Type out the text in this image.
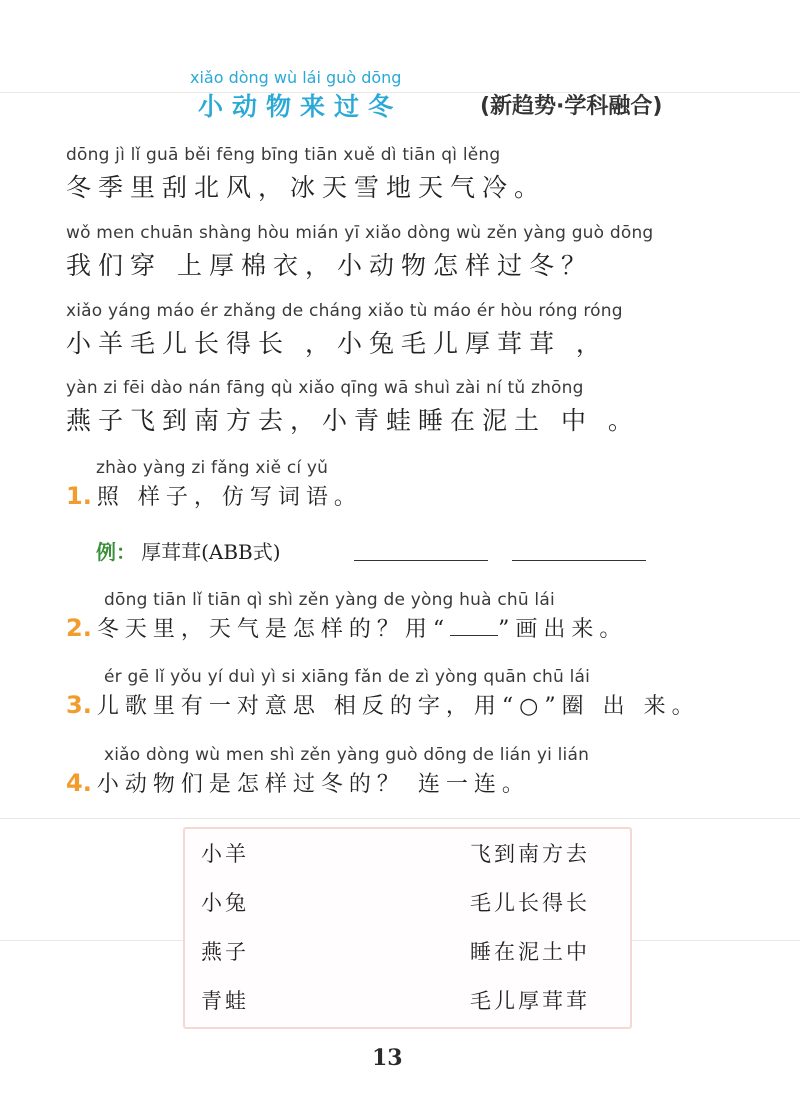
xiǎo dòng wù lái guò dōng
小动物来过冬	(新趋势·学科融合)
dōng jì lǐ guā běi fēng bīng tiān xuě dì tiān qì lěng
冬季里刮北风，冰天雪地天气冷。
wǒ men chuān shàng hòu mián yī xiǎo dòng wù zěn yàng guò dōng
我们穿 上厚棉衣，小动物怎样过冬？
xiǎo yáng máo ér zhǎng de cháng xiǎo tù máo ér hòu róng róng
小羊毛儿长得长 ，小兔毛儿厚茸茸 ，
yàn zi fēi dào nán fāng qù xiǎo qīng wā shuì zài ní tǔ zhōng
燕子飞到南方去，小青蛙睡在泥土 中 。
zhào yàng zi fǎng xiě cí yǔ
1. 照 样子，仿写词语。
例： 厚茸茸(ABB式)
dōng tiān lǐ tiān qì shì zěn yàng de yòng huà chū lái
2. 冬天里，天气是怎样的？用“ ”画出来。
ér gē lǐ yǒu yí duì yì si xiāng fǎn de zì yòng quān chū lái
3. 儿歌里有一对意思 相反的字，用“○”圈 出 来。
xiǎo dòng wù men shì zěn yàng guò dōng de lián yi lián
4. 小动物们是怎样过冬的？ 连一连。
小羊
小兔
燕子
青蛙
飞到南方去
毛儿长得长
睡在泥土中
毛儿厚茸茸
13
